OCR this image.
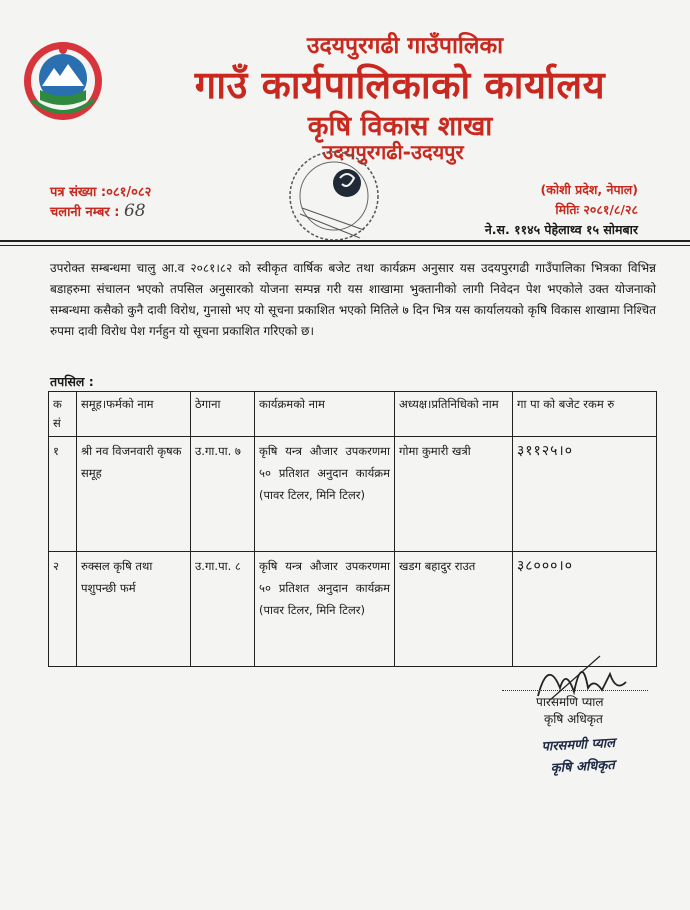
उदयपुरगढी गाउँपालिका
गाउँ कार्यपालिकाको कार्यालय
कृषि विकास शाखा
उदयपुरगढी-उदयपुर
पत्र संख्या :०८१/०८२
चलानी नम्बर : 68
(कोशी प्रदेश, नेपाल)
मितिः २०८१/८/२८
ने.स. ११४५ पेहेलाथ्व १५ सोमबार
उपरोक्त सम्बन्धमा चालु आ.व २०८१।८२ को स्वीकृत वार्षिक बजेट तथा कार्यक्रम अनुसार यस उदयपुरगढी गाउँपालिका भित्रका विभिन्न बडाहरुमा संचालन भएको तपसिल अनुसारको योजना सम्पन्न गरी यस शाखामा भुक्तानीको लागी निवेदन पेश भएकोले उक्त योजनाको सम्बन्धमा कसैको कुनै दावी विरोध, गुनासो भए यो सूचना प्रकाशित भएको मितिले ७ दिन भित्र यस कार्यालयको कृषि विकास शाखामा निश्चित रुपमा दावी विरोध पेश गर्नहुन यो सूचना प्रकाशित गरिएको छ।
तपसिल :
क सं	समूह।फर्मको नाम	ठेगाना	कार्यक्रमको नाम	अध्यक्ष।प्रतिनिधिको नाम	गा पा को बजेट रकम रु
१	श्री नव विजनवारी कृषक समूह	उ.गा.पा. ७	कृषि यन्त्र औजार उपकरणमा ५० प्रतिशत अनुदान कार्यक्रम (पावर टिलर, मिनि टिलर)	गोमा कुमारी खत्री	३११२५।०
२	रुक्सल कृषि तथा पशुपन्छी फर्म	उ.गा.पा. ८	कृषि यन्त्र औजार उपकरणमा ५० प्रतिशत अनुदान कार्यक्रम (पावर टिलर, मिनि टिलर)	खडग बहादुर राउत	३८०००।०
पारसमणि प्याल
कृषि अधिकृत
पारसमणी प्याल
कृषि अधिकृत
